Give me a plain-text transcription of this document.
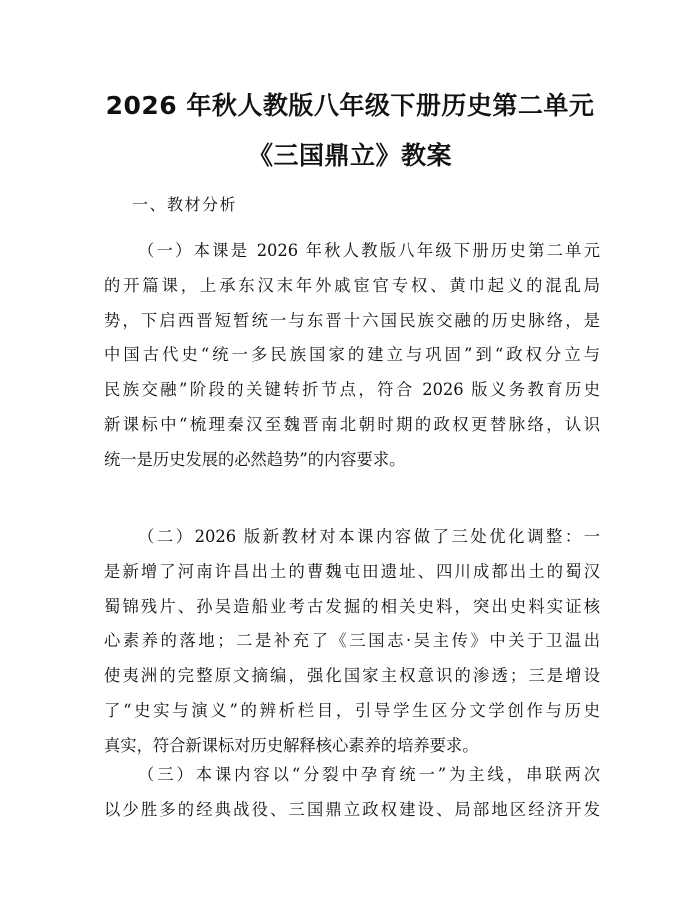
2026 年秋人教版八年级下册历史第二单元
《三国鼎立》教案
一、教材分析
（一）本课是 2026 年秋人教版八年级下册历史第二单元
的开篇课，上承东汉末年外戚宦官专权、黄巾起义的混乱局
势，下启西晋短暂统一与东晋十六国民族交融的历史脉络，是
中国古代史“统一多民族国家的建立与巩固”到“政权分立与
民族交融”阶段的关键转折节点，符合 2026 版义务教育历史
新课标中“梳理秦汉至魏晋南北朝时期的政权更替脉络，认识
统一是历史发展的必然趋势”的内容要求。
（二）2026 版新教材对本课内容做了三处优化调整：一
是新增了河南许昌出土的曹魏屯田遗址、四川成都出土的蜀汉
蜀锦残片、孙吴造船业考古发掘的相关史料，突出史料实证核
心素养的落地；二是补充了《三国志·吴主传》中关于卫温出
使夷洲的完整原文摘编，强化国家主权意识的渗透；三是增设
了“史实与演义”的辨析栏目，引导学生区分文学创作与历史
真实，符合新课标对历史解释核心素养的培养要求。
（三）本课内容以“分裂中孕育统一”为主线，串联两次
以少胜多的经典战役、三国鼎立政权建设、局部地区经济开发
